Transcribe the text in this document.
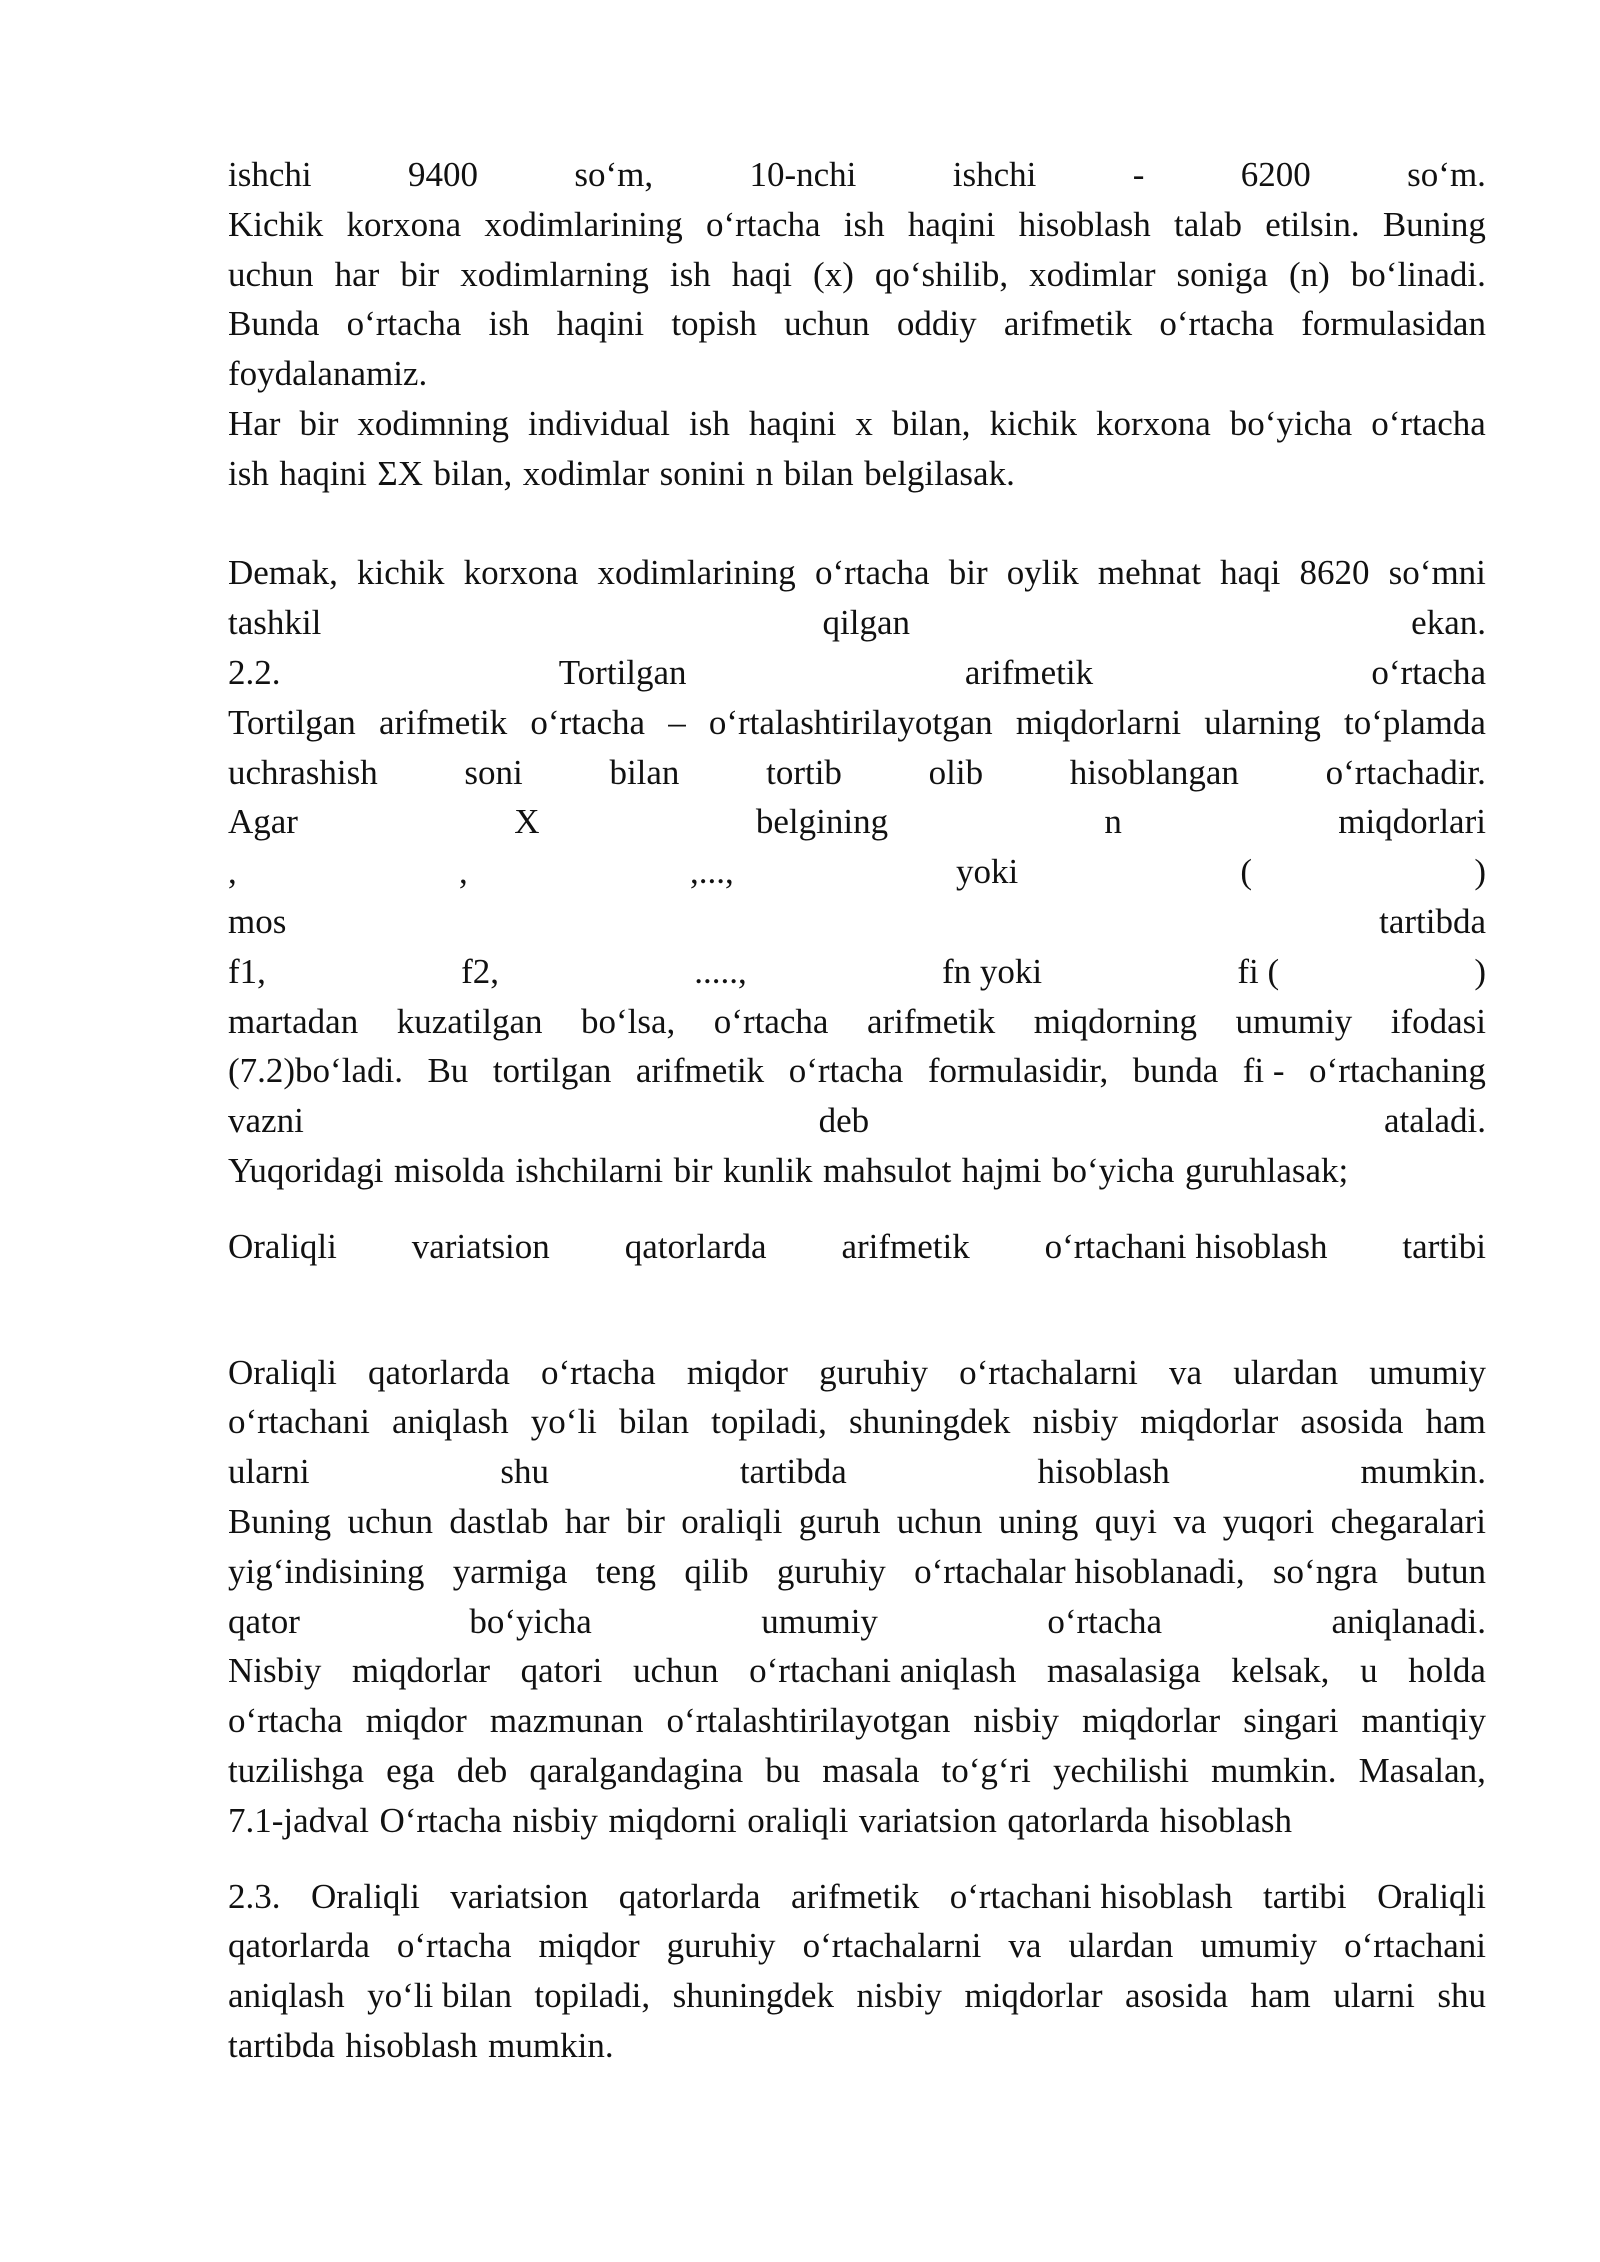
ishchi	9400	so‘m,	10-nchi	ishchi	-	6200	so‘m.
Kichik korxona xodimlarining o‘rtacha ish haqini hisoblash talab etilsin. Buning
uchun har bir xodimlarning ish haqi (x) qo‘shilib, xodimlar soniga (n) bo‘linadi.
Bunda o‘rtacha ish haqini topish uchun oddiy arifmetik o‘rtacha formulasidan
foydalanamiz.
Har bir xodimning individual ish haqini x bilan, kichik korxona bo‘yicha o‘rtacha
ish haqini ΣX bilan, xodimlar sonini n bilan belgilasak.
Demak, kichik korxona xodimlarining o‘rtacha bir oylik mehnat haqi 8620 so‘mni
tashkil	qilgan	ekan.
2.2.	Tortilgan	arifmetik	o‘rtacha
Tortilgan arifmetik o‘rtacha – o‘rtalashtirilayotgan miqdorlarni ularning to‘plamda
uchrashish soni bilan tortib olib hisoblangan o‘rtachadir.
Agar	X	belgining	n	miqdorlari
,	,	,...,	yoki	(	)
mos	tartibda
f1,	f2,	.....,	fn yoki	fi (	)
martadan kuzatilgan bo‘lsa, o‘rtacha arifmetik miqdorning umumiy ifodasi
(7.2)bo‘ladi. Bu tortilgan arifmetik o‘rtacha formulasidir, bunda fi - o‘rtachaning
vazni	deb	ataladi.
Yuqoridagi misolda ishchilarni bir kunlik mahsulot hajmi bo‘yicha guruhlasak;
Oraliqli variatsion qatorlarda arifmetik o‘rtachani hisoblash tartibi
Oraliqli qatorlarda o‘rtacha miqdor guruhiy o‘rtachalarni va ulardan umumiy
o‘rtachani aniqlash yo‘li bilan topiladi, shuningdek nisbiy miqdorlar asosida ham
ularni	shu	tartibda	hisoblash	mumkin.
Buning uchun dastlab har bir oraliqli guruh uchun uning quyi va yuqori chegaralari
yig‘indisining yarmiga teng qilib guruhiy o‘rtachalar hisoblanadi, so‘ngra butun
qator	bo‘yicha	umumiy	o‘rtacha	aniqlanadi.
Nisbiy miqdorlar qatori uchun o‘rtachani aniqlash masalasiga kelsak, u holda
o‘rtacha miqdor mazmunan o‘rtalashtirilayotgan nisbiy miqdorlar singari mantiqiy
tuzilishga ega deb qaralgandagina bu masala to‘g‘ri yechilishi mumkin. Masalan,
7.1-jadval O‘rtacha nisbiy miqdorni oraliqli variatsion qatorlarda hisoblash
2.3. Oraliqli variatsion qatorlarda arifmetik o‘rtachani hisoblash tartibi Oraliqli
qatorlarda o‘rtacha miqdor guruhiy o‘rtachalarni va ulardan umumiy o‘rtachani
aniqlash yo‘li bilan topiladi, shuningdek nisbiy miqdorlar asosida ham ularni shu
tartibda hisoblash mumkin.
